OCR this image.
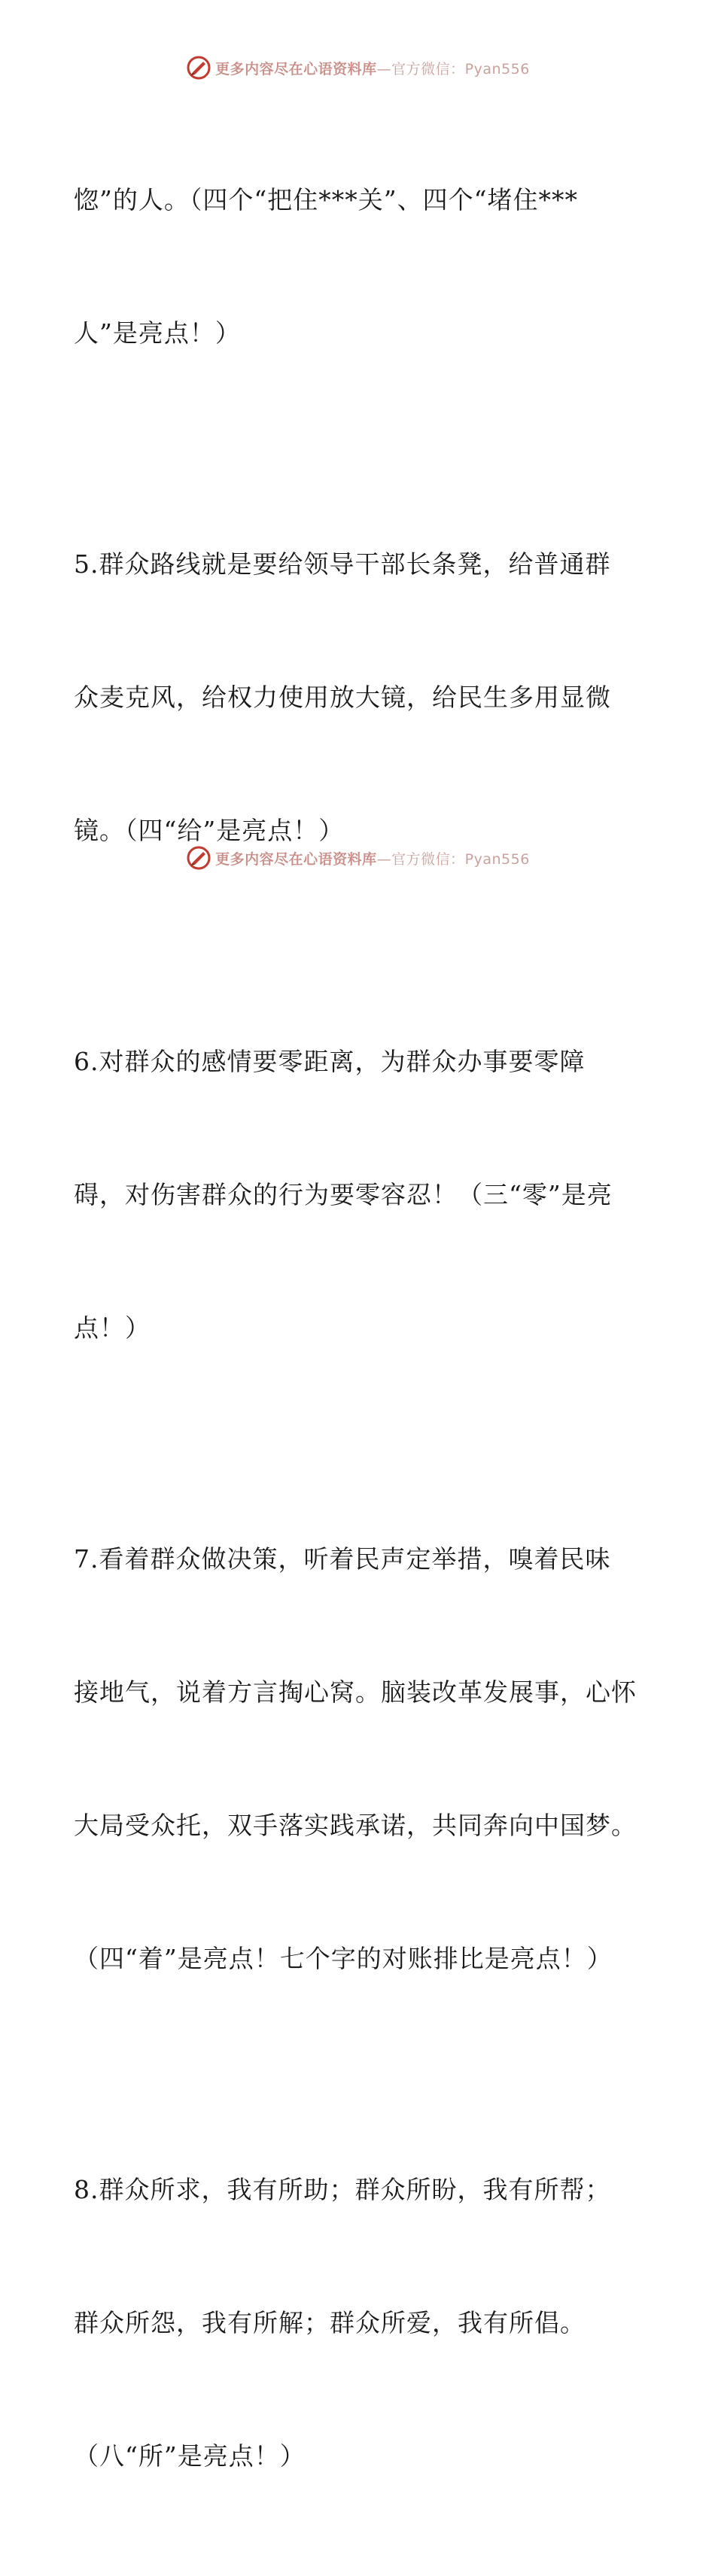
更多内容尽在心语资料库—官方微信：Pyan556

惚”的人。（四个“把住***关”、四个“堵住***

人”是亮点！）

5.群众路线就是要给领导干部长条凳，给普通群

众麦克风，给权力使用放大镜，给民生多用显微

镜。（四“给”是亮点！）

6.对群众的感情要零距离，为群众办事要零障

碍，对伤害群众的行为要零容忍！（三“零”是亮

点！）

7.看着群众做决策，听着民声定举措，嗅着民味

接地气，说着方言掏心窝。脑装改革发展事，心怀

大局受众托，双手落实践承诺，共同奔向中国梦。

（四“着”是亮点！七个字的对账排比是亮点！）

8.群众所求，我有所助；群众所盼，我有所帮；

群众所怨，我有所解；群众所爱，我有所倡。

（八“所”是亮点！）

更多内容尽在心语资料库—官方微信：Pyan556
